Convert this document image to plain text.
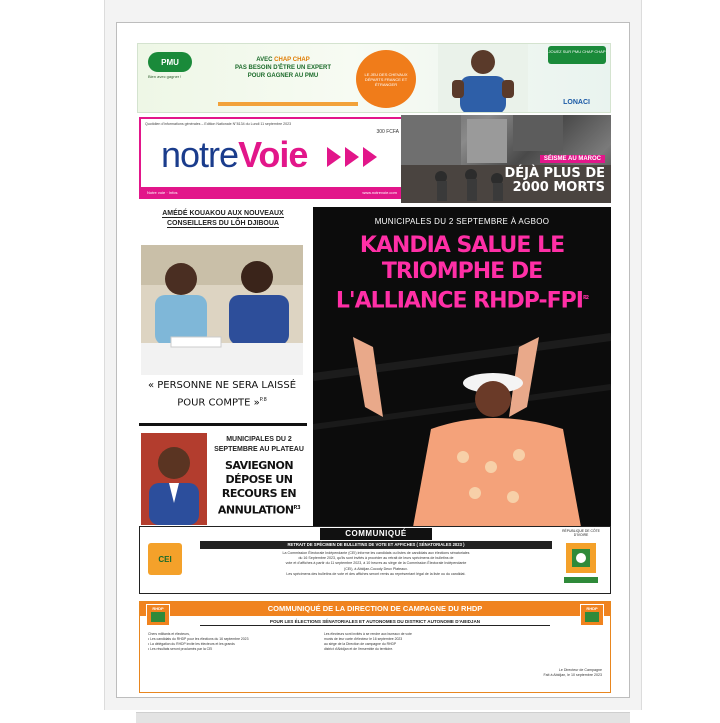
PMU
Bien avec gagner !
AVEC CHAP CHAP
PAS BESOIN D'ÊTRE UN EXPERT
POUR GAGNER AU PMU	LE JEU DES CHEVAUX DÉPARTS FRANCE ET ÉTRANGER
JOUEZ SUR PMU CHAP CHAP
LONACI
Quotidien d'informations générales – Edition Nationale N°8134 du Lundi 11 septembre 2023
300 FCFA
notreVoie
Notre voie · Infos	www.notrevoie.com
SÉISME AU MAROC
DÉJÀ PLUS DE
2000 MORTS
AMÉDÉ KOUAKOU AUX NOUVEAUX
CONSEILLERS DU LÔH DJIBOUA
« PERSONNE NE SERA LAISSÉ POUR COMPTE »$^{P.8}$
MUNICIPALES DU 2
SEPTEMBRE AU PLATEAU
SAVIEGNON DÉPOSE UN RECOURS EN $ANNULATION^{P.3}$
MUNICIPALES DU 2 SEPTEMBRE À AGBOO
KANDIA SALUE LE TRIOMPHE DE L'ALLIANCE RHDP-$FPI^{P.2}$
CEI
COMMUNIQUÉ
RETRAIT DE SPÉCIMEN DE BULLETINS DE VOTE ET AFFICHES ( SÉNATORIALES 2023 )
La Commission Électorale Indépendante (CEI) informe les candidats ou listes de candidats aux élections sénatoriales
du 16 Septembre 2023, qu'ils sont invités à procéder au retrait de leurs spécimens de bulletins de
vote et d'affiches à partir du 11 septembre 2023, à 10 heures au siège de la Commission Électorale Indépendante
(CEI), à Abidjan-Cocody Deux Plateaux.
Les spécimens des bulletins de vote et des affiches seront remis au représentant légal de la liste ou du candidat.
RÉPUBLIQUE DE CÔTE D'IVOIRE
COMMUNIQUÉ DE LA DIRECTION DE CAMPAGNE DU RHDP
RHDP	RHDP
POUR LES ÉLECTIONS SÉNATORIALES ET AUTONOMES DU DISTRICT AUTONOME D'ABIDJAN
Chers militants et électeurs,
• Les candidats du RHDP pour les élections du 16 septembre 2023
• La délégation du RHDP invite les électeurs et les grands
• Les résultats seront proclamés par la CEI
Les électeurs sont invités à se rendre aux bureaux de vote
munis de leur carte d'électeur le 16 septembre 2023
au siège de la Direction de campagne du RHDP
district d'Abidjan et de l'ensemble du territoire.
Le Directeur de Campagne
Fait à Abidjan, le 10 septembre 2023
